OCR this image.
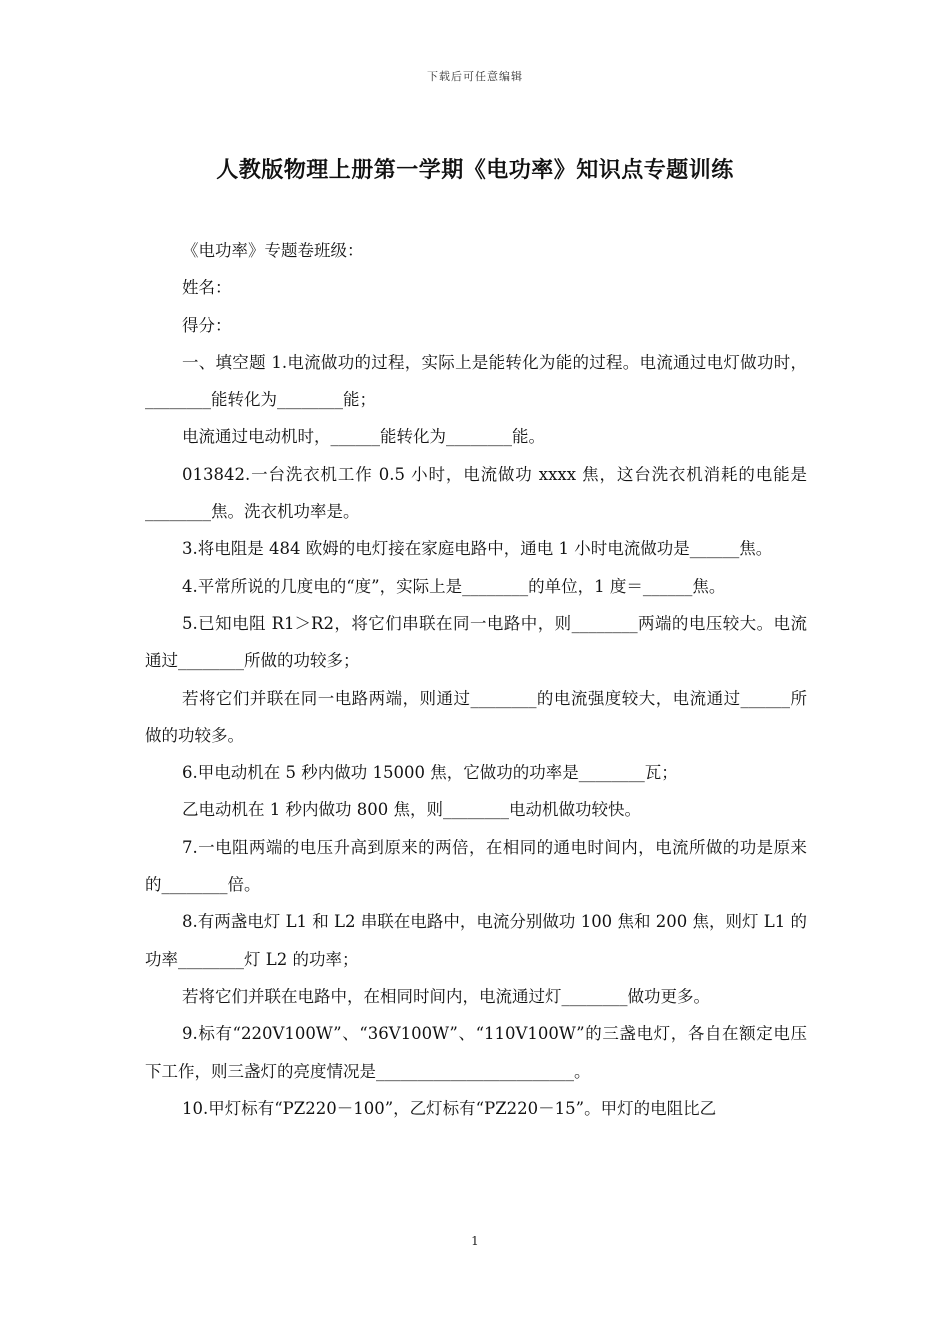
下载后可任意编辑
人教版物理上册第一学期《电功率》知识点专题训练

《电功率》专题卷班级：

姓名：

得分：

一、填空题 1.电流做功的过程，实际上是能转化为能的过程。电流通过电灯做功时，________能转化为________能；

电流通过电动机时，______能转化为________能。

013842.一台洗衣机工作 0.5 小时，电流做功 xxxx 焦，这台洗衣机消耗的电能是________焦。洗衣机功率是。

3.将电阻是 484 欧姆的电灯接在家庭电路中，通电 1 小时电流做功是______焦。

4.平常所说的几度电的“度”，实际上是________的单位，1 度＝______焦。

5.已知电阻 R1＞R2，将它们串联在同一电路中，则________两端的电压较大。电流通过________所做的功较多；

若将它们并联在同一电路两端，则通过________的电流强度较大，电流通过______所做的功较多。

6.甲电动机在 5 秒内做功 15000 焦，它做功的功率是________瓦；

乙电动机在 1 秒内做功 800 焦，则________电动机做功较快。

7.一电阻两端的电压升高到原来的两倍，在相同的通电时间内，电流所做的功是原来的________倍。

8.有两盏电灯 L1 和 L2 串联在电路中，电流分别做功 100 焦和 200 焦，则灯 L1 的功率________灯 L2 的功率；

若将它们并联在电路中，在相同时间内，电流通过灯________做功更多。

9.标有“220V100W”、“36V100W”、“110V100W”的三盏电灯，各自在额定电压下工作，则三盏灯的亮度情况是________________________。

10.甲灯标有“PZ220－100”，乙灯标有“PZ220－15”。甲灯的电阻比乙

1
